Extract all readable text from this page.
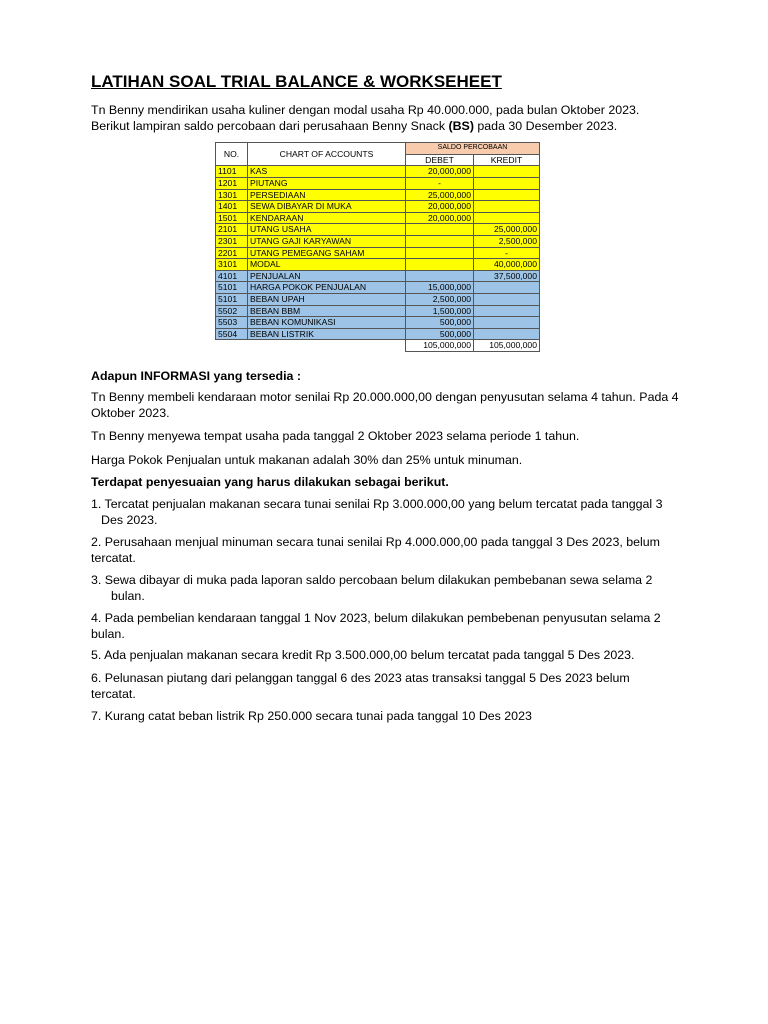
LATIHAN SOAL TRIAL BALANCE & WORKSEHEET

Tn Benny mendirikan usaha kuliner dengan modal usaha Rp 40.000.000, pada bulan Oktober 2023.
Berikut lampiran saldo percobaan dari perusahaan Benny Snack (BS) pada 30 Desember 2023.

NO.	CHART OF ACCOUNTS	SALDO PERCOBAAN	
		DEBET	KREDIT
1101	KAS	20,000,000	
1201	PIUTANG	-	
1301	PERSEDIAAN	25,000,000	
1401	SEWA DIBAYAR DI MUKA	20,000,000	
1501	KENDARAAN	20,000,000	
2101	UTANG USAHA		25,000,000
2301	UTANG GAJI KARYAWAN		2,500,000
2201	UTANG PEMEGANG SAHAM		-
3101	MODAL		40,000,000
4101	PENJUALAN		37,500,000
5101	HARGA POKOK PENJUALAN	15,000,000	
5101	BEBAN UPAH	2,500,000	
5502	BEBAN BBM	1,500,000	
5503	BEBAN KOMUNIKASI	500,000	
5504	BEBAN LISTRIK	500,000	
		105,000,000	105,000,000

Adapun INFORMASI yang tersedia :

Tn Benny membeli kendaraan motor senilai Rp 20.000.000,00 dengan penyusutan selama 4 tahun. Pada 4 Oktober 2023.

Tn Benny menyewa tempat usaha pada tanggal 2 Oktober 2023 selama periode 1 tahun.

Harga Pokok Penjualan untuk makanan adalah 30% dan 25% untuk minuman.

Terdapat penyesuaian yang harus dilakukan sebagai berikut.

1. Tercatat penjualan makanan secara tunai senilai Rp 3.000.000,00 yang belum tercatat pada tanggal 3
Des 2023.
2. Perusahaan menjual minuman secara tunai senilai Rp 4.000.000,00 pada tanggal 3 Des 2023, belum
tercatat.
3. Sewa dibayar di muka pada laporan saldo percobaan belum dilakukan pembebanan sewa selama 2
bulan.
4. Pada pembelian kendaraan tanggal 1 Nov 2023, belum dilakukan pembebenan penyusutan selama 2
bulan.
5. Ada penjualan makanan secara kredit Rp 3.500.000,00 belum tercatat pada tanggal 5 Des 2023.
6. Pelunasan piutang dari pelanggan tanggal 6 des 2023 atas transaksi tanggal 5 Des 2023 belum
tercatat.
7. Kurang catat beban listrik Rp 250.000 secara tunai pada tanggal 10 Des 2023
